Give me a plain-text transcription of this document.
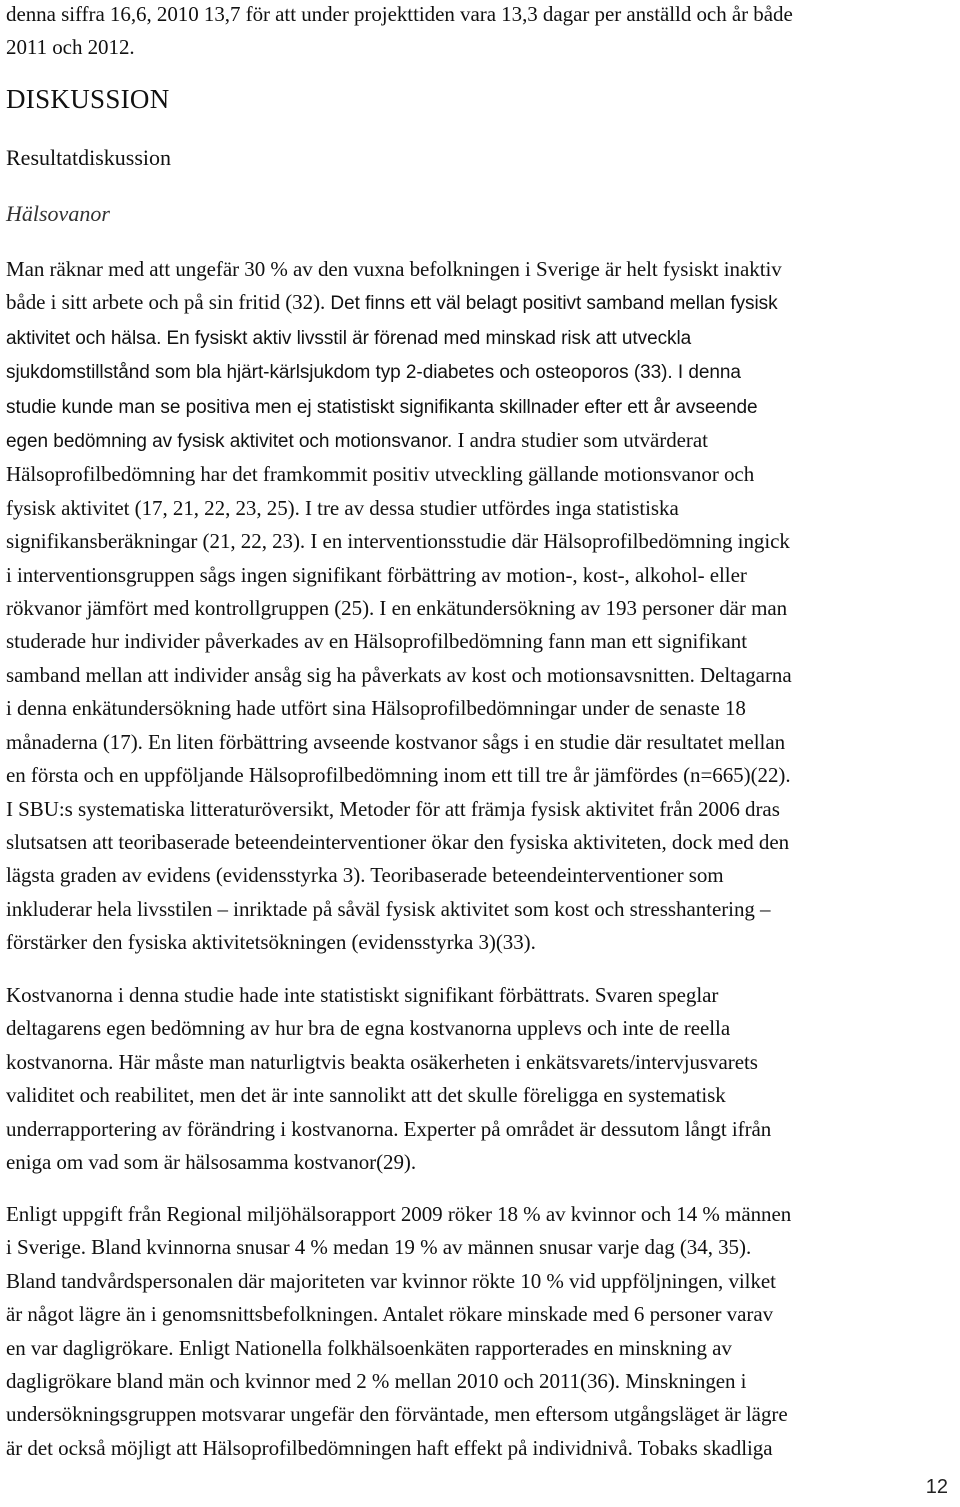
denna siffra 16,6, 2010 13,7 för att under projekttiden vara 13,3 dagar per anställd och år både
2011 och 2012.

DISKUSSION
Resultatdiskussion
Hälsovanor

Man räknar med att ungefär 30 % av den vuxna befolkningen i Sverige är helt fysiskt inaktiv
både i sitt arbete och på sin fritid (32). Det finns ett väl belagt positivt samband mellan fysisk
aktivitet och hälsa. En fysiskt aktiv livsstil är förenad med minskad risk att utveckla
sjukdomstillstånd som bla hjärt-kärlsjukdom typ 2-diabetes och osteoporos (33). I denna
studie kunde man se positiva men ej statistiskt signifikanta skillnader efter ett år avseende
egen bedömning av fysisk aktivitet och motionsvanor. I andra studier som utvärderat
Hälsoprofilbedömning har det framkommit positiv utveckling gällande motionsvanor och
fysisk aktivitet (17, 21, 22, 23, 25). I tre av dessa studier utfördes inga statistiska
signifikansberäkningar (21, 22, 23). I en interventionsstudie där Hälsoprofilbedömning ingick
i interventionsgruppen sågs ingen signifikant förbättring av motion-, kost-, alkohol- eller
rökvanor jämfört med kontrollgruppen (25). I en enkätundersökning av 193 personer där man
studerade hur individer påverkades av en Hälsoprofilbedömning fann man ett signifikant
samband mellan att individer ansåg sig ha påverkats av kost och motionsavsnitten. Deltagarna
i denna enkätundersökning hade utfört sina Hälsoprofilbedömningar under de senaste 18
månaderna (17). En liten förbättring avseende kostvanor sågs i en studie där resultatet mellan
en första och en uppföljande Hälsoprofilbedömning inom ett till tre år jämfördes (n=665)(22).
I SBU:s systematiska litteraturöversikt, Metoder för att främja fysisk aktivitet från 2006 dras
slutsatsen att teoribaserade beteendeinterventioner ökar den fysiska aktiviteten, dock med den
lägsta graden av evidens (evidensstyrka 3). Teoribaserade beteendeinterventioner som
inkluderar hela livsstilen – inriktade på såväl fysisk aktivitet som kost och stresshantering –
förstärker den fysiska aktivitetsökningen (evidensstyrka 3)(33).

Kostvanorna i denna studie hade inte statistiskt signifikant förbättrats. Svaren speglar
deltagarens egen bedömning av hur bra de egna kostvanorna upplevs och inte de reella
kostvanorna. Här måste man naturligtvis beakta osäkerheten i enkätsvarets/intervjusvarets
validitet och reabilitet, men det är inte sannolikt att det skulle föreligga en systematisk
underrapportering av förändring i kostvanorna. Experter på området är dessutom långt ifrån
eniga om vad som är hälsosamma kostvanor(29).

Enligt uppgift från Regional miljöhälsorapport 2009 röker 18 % av kvinnor och 14 % männen
i Sverige. Bland kvinnorna snusar 4 % medan 19 % av männen snusar varje dag (34, 35).
Bland tandvårdspersonalen där majoriteten var kvinnor rökte 10 % vid uppföljningen, vilket
är något lägre än i genomsnittsbefolkningen. Antalet rökare minskade med 6 personer varav
en var dagligrökare. Enligt Nationella folkhälsoenkäten rapporterades en minskning av
dagligrökare bland män och kvinnor med 2 % mellan 2010 och 2011(36). Minskningen i
undersökningsgruppen motsvarar ungefär den förväntade, men eftersom utgångsläget är lägre
är det också möjligt att Hälsoprofilbedömningen haft effekt på individnivå. Tobaks skadliga

12
